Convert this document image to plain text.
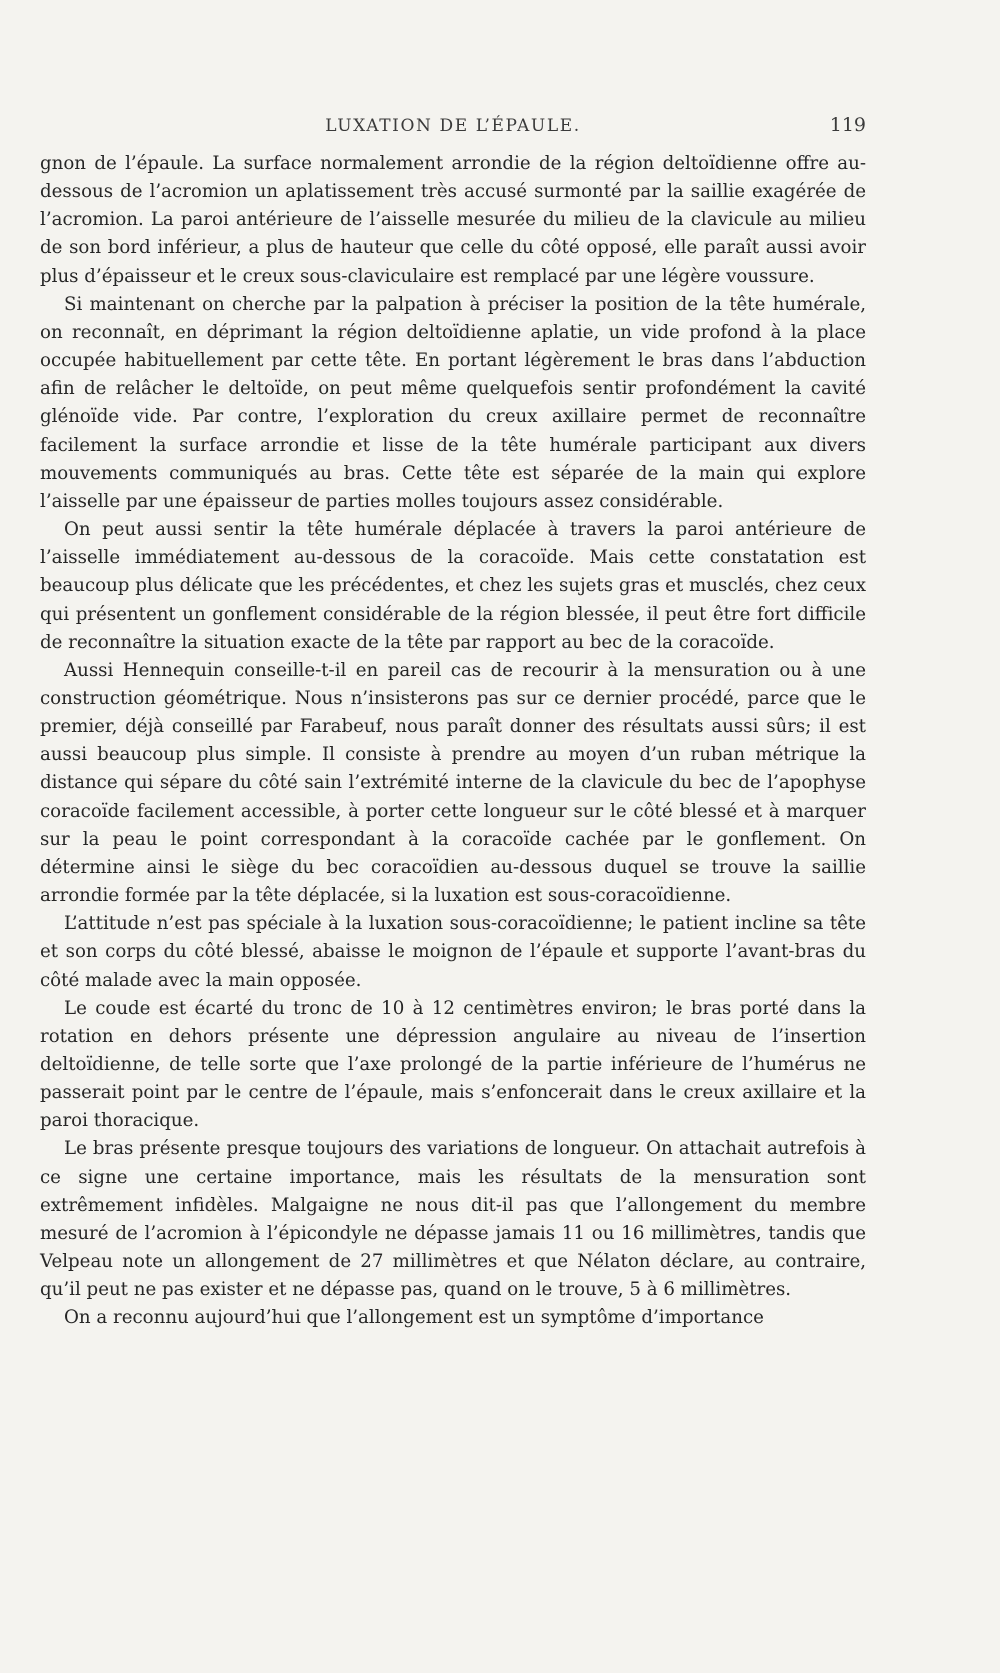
LUXATION DE L’ÉPAULE.	119

gnon de l’épaule. La surface normalement arrondie de la région deltoïdienne offre au-dessous de l’acromion un aplatissement très accusé surmonté par la saillie exagérée de l’acromion. La paroi antérieure de l’aisselle mesurée du milieu de la clavicule au milieu de son bord inférieur, a plus de hauteur que celle du côté opposé, elle paraît aussi avoir plus d’épaisseur et le creux sous-claviculaire est remplacé par une légère voussure.

Si maintenant on cherche par la palpation à préciser la position de la tête humérale, on reconnaît, en déprimant la région deltoïdienne aplatie, un vide profond à la place occupée habituellement par cette tête. En portant légèrement le bras dans l’abduction afin de relâcher le deltoïde, on peut même quelquefois sentir profondément la cavité glénoïde vide. Par contre, l’exploration du creux axillaire permet de reconnaître facilement la surface arrondie et lisse de la tête humérale participant aux divers mouvements communiqués au bras. Cette tête est séparée de la main qui explore l’aisselle par une épaisseur de parties molles toujours assez considérable.

On peut aussi sentir la tête humérale déplacée à travers la paroi antérieure de l’aisselle immédiatement au-dessous de la coracoïde. Mais cette constatation est beaucoup plus délicate que les précédentes, et chez les sujets gras et musclés, chez ceux qui présentent un gonflement considérable de la région blessée, il peut être fort difficile de reconnaître la situation exacte de la tête par rapport au bec de la coracoïde.

Aussi Hennequin conseille-t-il en pareil cas de recourir à la mensuration ou à une construction géométrique. Nous n’insisterons pas sur ce dernier procédé, parce que le premier, déjà conseillé par Farabeuf, nous paraît donner des résultats aussi sûrs; il est aussi beaucoup plus simple. Il consiste à prendre au moyen d’un ruban métrique la distance qui sépare du côté sain l’extrémité interne de la clavicule du bec de l’apophyse coracoïde facilement accessible, à porter cette longueur sur le côté blessé et à marquer sur la peau le point correspondant à la coracoïde cachée par le gonflement. On détermine ainsi le siège du bec coracoïdien au-dessous duquel se trouve la saillie arrondie formée par la tête déplacée, si la luxation est sous-coracoïdienne.

L’attitude n’est pas spéciale à la luxation sous-coracoïdienne; le patient incline sa tête et son corps du côté blessé, abaisse le moignon de l’épaule et supporte l’avant-bras du côté malade avec la main opposée.

Le coude est écarté du tronc de 10 à 12 centimètres environ; le bras porté dans la rotation en dehors présente une dépression angulaire au niveau de l’insertion deltoïdienne, de telle sorte que l’axe prolongé de la partie inférieure de l’humérus ne passerait point par le centre de l’épaule, mais s’enfoncerait dans le creux axillaire et la paroi thoracique.

Le bras présente presque toujours des variations de longueur. On attachait autrefois à ce signe une certaine importance, mais les résultats de la mensuration sont extrêmement infidèles. Malgaigne ne nous dit-il pas que l’allongement du membre mesuré de l’acromion à l’épicondyle ne dépasse jamais 11 ou 16 millimètres, tandis que Velpeau note un allongement de 27 millimètres et que Nélaton déclare, au contraire, qu’il peut ne pas exister et ne dépasse pas, quand on le trouve, 5 à 6 millimètres.

On a reconnu aujourd’hui que l’allongement est un symptôme d’importance
